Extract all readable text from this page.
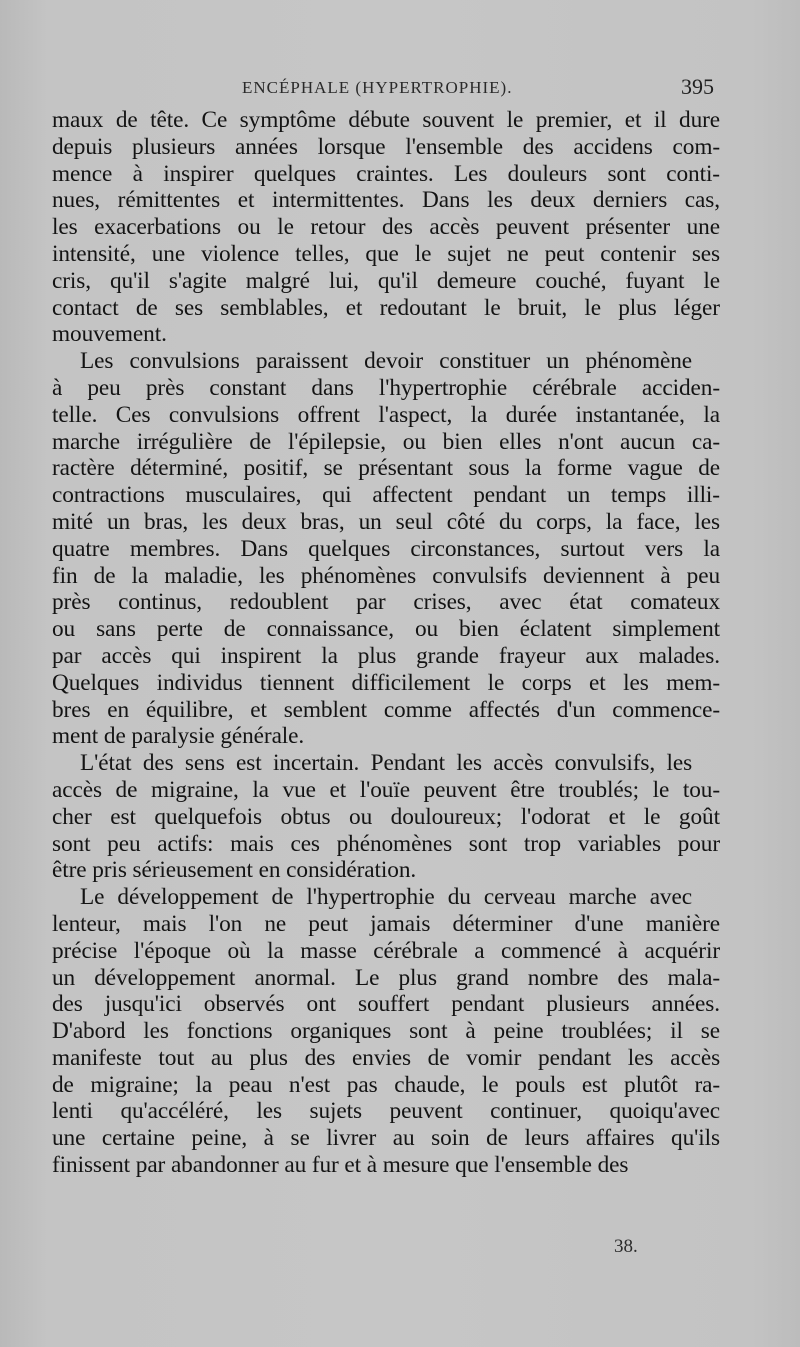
ENCÉPHALE (HYPERTROPHIE).	395
maux de tête. Ce symptôme débute souvent le premier, et il dure
depuis plusieurs années lorsque l'ensemble des accidens com-
mence à inspirer quelques craintes. Les douleurs sont conti-
nues, rémittentes et intermittentes. Dans les deux derniers cas,
les exacerbations ou le retour des accès peuvent présenter une
intensité, une violence telles, que le sujet ne peut contenir ses
cris, qu'il s'agite malgré lui, qu'il demeure couché, fuyant le
contact de ses semblables, et redoutant le bruit, le plus léger
mouvement.
Les convulsions paraissent devoir constituer un phénomène
à peu près constant dans l'hypertrophie cérébrale acciden-
telle. Ces convulsions offrent l'aspect, la durée instantanée, la
marche irrégulière de l'épilepsie, ou bien elles n'ont aucun ca-
ractère déterminé, positif, se présentant sous la forme vague de
contractions musculaires, qui affectent pendant un temps illi-
mité un bras, les deux bras, un seul côté du corps, la face, les
quatre membres. Dans quelques circonstances, surtout vers la
fin de la maladie, les phénomènes convulsifs deviennent à peu
près continus, redoublent par crises, avec état comateux
ou sans perte de connaissance, ou bien éclatent simplement
par accès qui inspirent la plus grande frayeur aux malades.
Quelques individus tiennent difficilement le corps et les mem-
bres en équilibre, et semblent comme affectés d'un commence-
ment de paralysie générale.
L'état des sens est incertain. Pendant les accès convulsifs, les
accès de migraine, la vue et l'ouïe peuvent être troublés; le tou-
cher est quelquefois obtus ou douloureux; l'odorat et le goût
sont peu actifs: mais ces phénomènes sont trop variables pour
être pris sérieusement en considération.
Le développement de l'hypertrophie du cerveau marche avec
lenteur, mais l'on ne peut jamais déterminer d'une manière
précise l'époque où la masse cérébrale a commencé à acquérir
un développement anormal. Le plus grand nombre des mala-
des jusqu'ici observés ont souffert pendant plusieurs années.
D'abord les fonctions organiques sont à peine troublées; il se
manifeste tout au plus des envies de vomir pendant les accès
de migraine; la peau n'est pas chaude, le pouls est plutôt ra-
lenti qu'accéléré, les sujets peuvent continuer, quoiqu'avec
une certaine peine, à se livrer au soin de leurs affaires qu'ils
finissent par abandonner au fur et à mesure que l'ensemble des
38.
